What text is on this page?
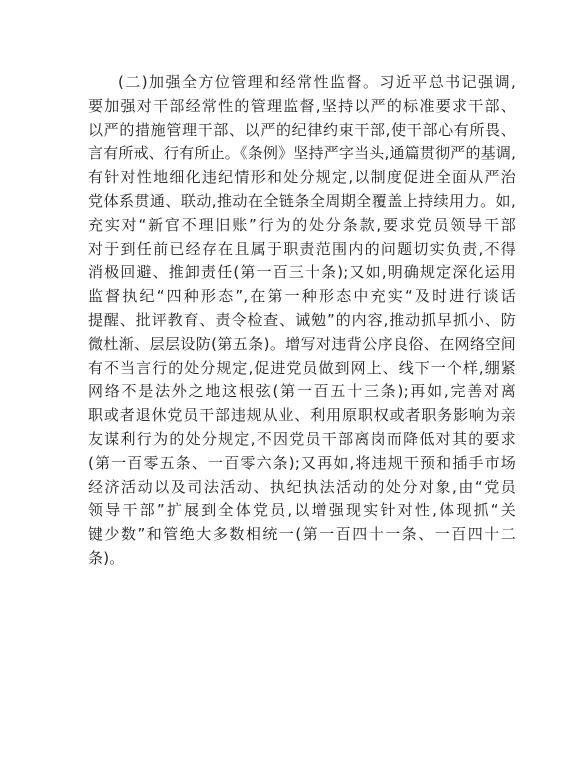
(二)加强全方位管理和经常性监督。习近平总书记强调,
要加强对干部经常性的管理监督,坚持以严的标准要求干部、
以严的措施管理干部、以严的纪律约束干部,使干部心有所畏、
言有所戒、行有所止。《条例》坚持严字当头,通篇贯彻严的基调,
有针对性地细化违纪情形和处分规定,以制度促进全面从严治
党体系贯通、联动,推动在全链条全周期全覆盖上持续用力。如,
充实对“新官不理旧账”行为的处分条款,要求党员领导干部
对于到任前已经存在且属于职责范围内的问题切实负责,不得
消极回避、推卸责任(第一百三十条);又如,明确规定深化运用
监督执纪“四种形态”,在第一种形态中充实“及时进行谈话
提醒、批评教育、责令检查、诫勉”的内容,推动抓早抓小、防
微杜渐、层层设防(第五条)。增写对违背公序良俗、在网络空间
有不当言行的处分规定,促进党员做到网上、线下一个样,绷紧
网络不是法外之地这根弦(第一百五十三条);再如,完善对离
职或者退休党员干部违规从业、利用原职权或者职务影响为亲
友谋利行为的处分规定,不因党员干部离岗而降低对其的要求
(第一百零五条、一百零六条);又再如,将违规干预和插手市场
经济活动以及司法活动、执纪执法活动的处分对象,由“党员
领导干部”扩展到全体党员,以增强现实针对性,体现抓“关
键少数”和管绝大多数相统一(第一百四十一条、一百四十二
条)。
